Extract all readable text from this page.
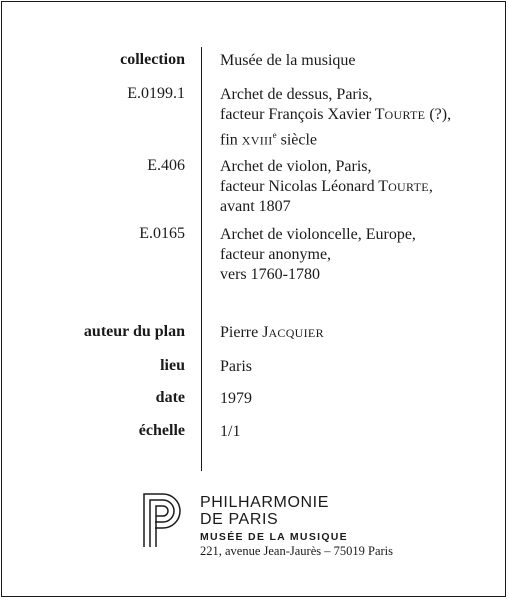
collection Musée de la musique
E.0199.1 Archet de dessus, Paris,
facteur François Xavier TOURTE (?),
fin XVIIIe siècle
E.406 Archet de violon, Paris,
facteur Nicolas Léonard TOURTE,
avant 1807
E.0165 Archet de violoncelle, Europe,
facteur anonyme,
vers 1760-1780
auteur du plan Pierre JACQUIER
lieu Paris
date 1979
échelle 1/1
PHILHARMONIE
DE PARIS
MUSÉE DE LA MUSIQUE
221, avenue Jean-Jaurès – 75019 Paris
